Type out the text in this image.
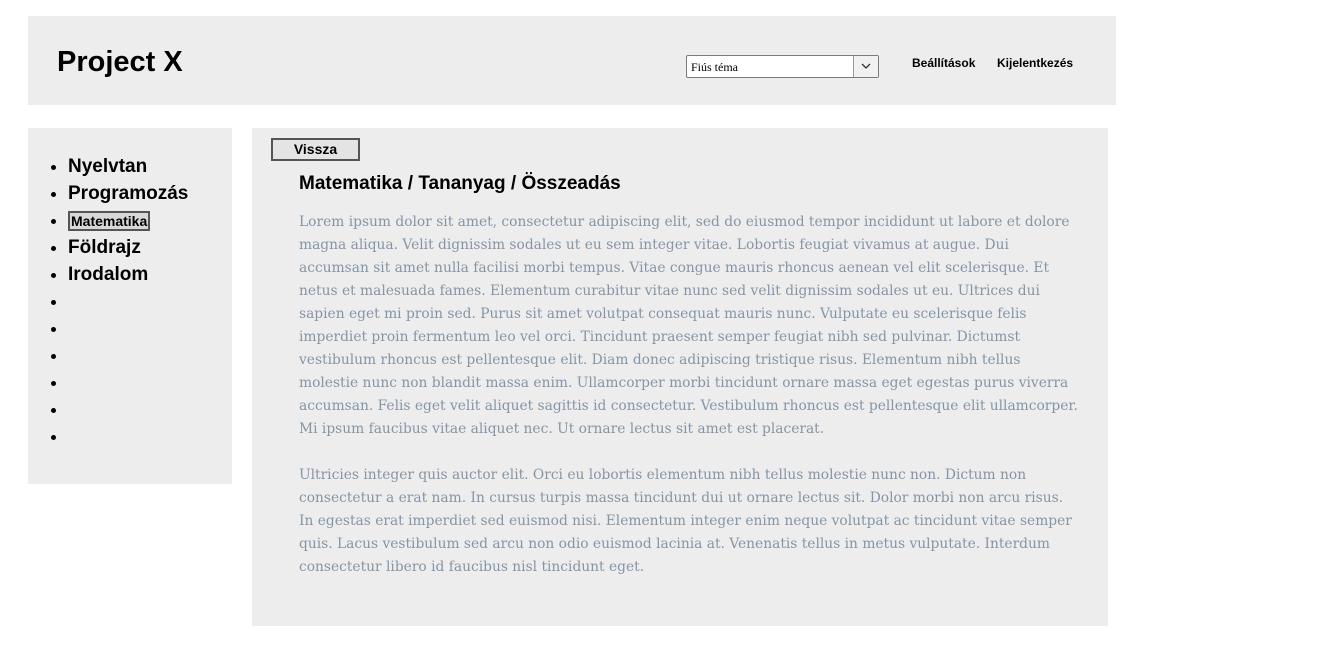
Project X	Fiús téma	Beállítások Kijelentkezés
• Nyelvtan
• Programozás
• Matematika
• Földrajz
• Irodalom
•
•
•
•
•
•
Vissza
Matematika / Tananyag / Összeadás

Lorem ipsum dolor sit amet, consectetur adipiscing elit, sed do eiusmod tempor incididunt ut labore et dolore magna aliqua. Velit dignissim sodales ut eu sem integer vitae. Lobortis feugiat vivamus at augue. Dui accumsan sit amet nulla facilisi morbi tempus. Vitae congue mauris rhoncus aenean vel elit scelerisque. Et netus et malesuada fames. Elementum curabitur vitae nunc sed velit dignissim sodales ut eu. Ultrices dui sapien eget mi proin sed. Purus sit amet volutpat consequat mauris nunc. Vulputate eu scelerisque felis imperdiet proin fermentum leo vel orci. Tincidunt praesent semper feugiat nibh sed pulvinar. Dictumst vestibulum rhoncus est pellentesque elit. Diam donec adipiscing tristique risus. Elementum nibh tellus molestie nunc non blandit massa enim. Ullamcorper morbi tincidunt ornare massa eget egestas purus viverra accumsan. Felis eget velit aliquet sagittis id consectetur. Vestibulum rhoncus est pellentesque elit ullamcorper. Mi ipsum faucibus vitae aliquet nec. Ut ornare lectus sit amet est placerat.

Ultricies integer quis auctor elit. Orci eu lobortis elementum nibh tellus molestie nunc non. Dictum non consectetur a erat nam. In cursus turpis massa tincidunt dui ut ornare lectus sit. Dolor morbi non arcu risus. In egestas erat imperdiet sed euismod nisi. Elementum integer enim neque volutpat ac tincidunt vitae semper quis. Lacus vestibulum sed arcu non odio euismod lacinia at. Venenatis tellus in metus vulputate. Interdum consectetur libero id faucibus nisl tincidunt eget.
